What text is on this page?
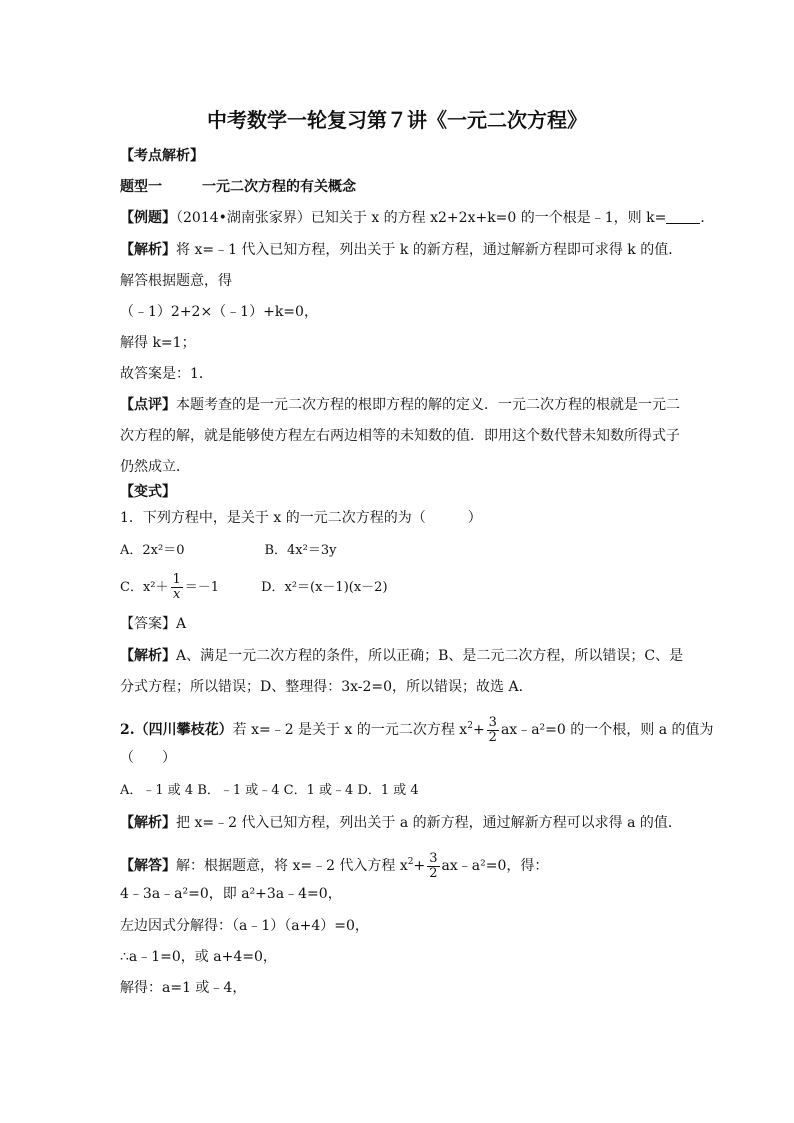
中考数学一轮复习第７讲《一元二次方程》
【考点解析】
题型一	一元二次方程的有关概念
【例题】（2014•湖南张家界）已知关于 x 的方程 x2+2x+k=0 的一个根是﹣1，则 k= ．
【解析】将 x=﹣1 代入已知方程，列出关于 k 的新方程，通过解新方程即可求得 k 的值．
解答根据题意，得
（﹣1）2+2×（﹣1）+k=0，
解得 k=1；
故答案是：1．
【点评】本题考查的是一元二次方程的根即方程的解的定义．一元二次方程的根就是一元二
次方程的解，就是能够使方程左右两边相等的未知数的值．即用这个数代替未知数所得式子
仍然成立．
【变式】
1．下列方程中，是关于 x 的一元二次方程的为（　　　）
A．2x²＝0	B．4x²＝3y
C．$x^2+ \frac{1}{x} =-1$	D．x²＝(x－1)(x－2)
【答案】A
【解析】A、满足一元二次方程的条件，所以正确；B、是二元二次方程，所以错误；C、是
分式方程；所以错误；D、整理得：3x-2=0，所以错误；故选 A.
2.（四川攀枝花）若 x=﹣2 是关于 x 的一元二次方程 $x^2+ \frac{3}{2}$ ax﹣a²=0 的一个根，则 a 的值为
（　　）
A．﹣1 或 4 B．﹣1 或﹣4 C．1 或﹣4 D．1 或 4
【解析】把 x=﹣2 代入已知方程，列出关于 a 的新方程，通过解新方程可以求得 a 的值．
【解答】解：根据题意，将 x=﹣2 代入方程 $x^2+ \frac{3}{2}$ ax﹣a²=0，得：
4﹣3a﹣a²=0，即 a²+3a﹣4=0，
左边因式分解得：（a﹣1）（a+4）=0，
∴a﹣1=0，或 a+4=0，
解得：a=1 或﹣4，
